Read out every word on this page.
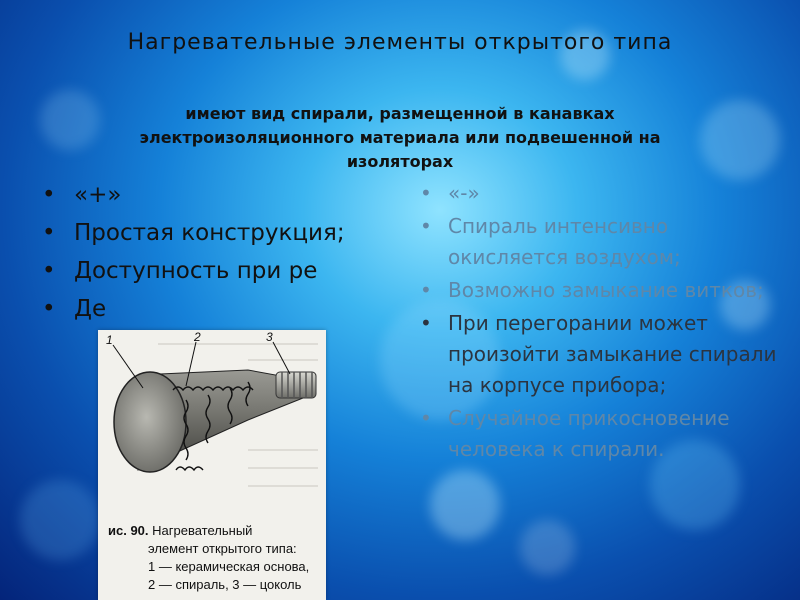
Нагревательные элементы открытого типа
имеют вид спирали, размещенной в канавках
электроизоляционного материала или подвешенной на
изоляторах
• «+»
• Простая конструкция;
• Доступность при ре
• Де
• «-»
• Спираль интенсивно окисляется воздухом;
• Возможно замыкание витков;
• При перегорании может произойти замыкание спирали на корпусе прибора;
• Случайное прикосновение человека к спирали.
1	2	3
ис. 90. Нагревательный
элемент открытого типа:
1 — керамическая основа,
2 — спираль, 3 — цоколь
